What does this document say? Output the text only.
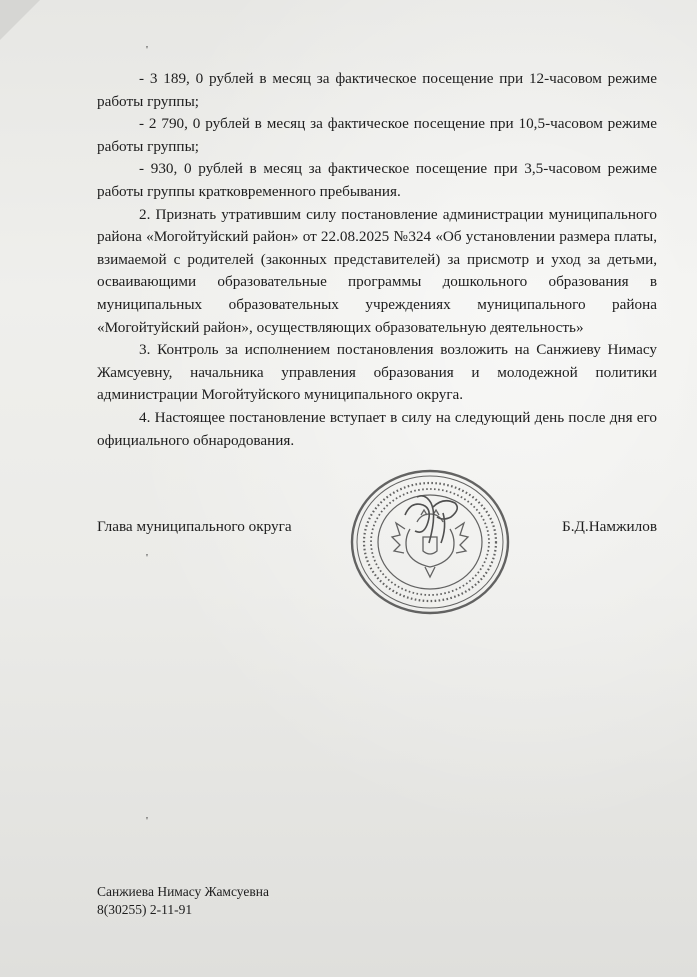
'
'
'

- 3 189, 0 рублей в месяц за фактическое посещение при 12-часовом режиме работы группы;

- 2 790, 0 рублей в месяц за фактическое посещение при 10,5-часовом режиме работы группы;

- 930, 0 рублей в месяц за фактическое посещение при 3,5-часовом режиме работы группы кратковременного пребывания.

2. Признать утратившим силу постановление администрации муниципального района «Могойтуйский район» от 22.08.2025 №324 «Об установлении размера платы, взимаемой с родителей (законных представителей) за присмотр и уход за детьми, осваивающими образовательные программы дошкольного образования в муниципальных образовательных учреждениях муниципального района «Могойтуйский район», осуществляющих образовательную деятельность»

3. Контроль за исполнением постановления возложить на Санжиеву Нимасу Жамсуевну, начальника управления образования и молодежной политики администрации Могойтуйского муниципального округа.

4. Настоящее постановление вступает в силу на следующий день после дня его официального обнародования.

Глава муниципального округа	Б.Д.Намжилов
Санжиева Нимасу Жамсуевна
8(30255) 2-11-91
